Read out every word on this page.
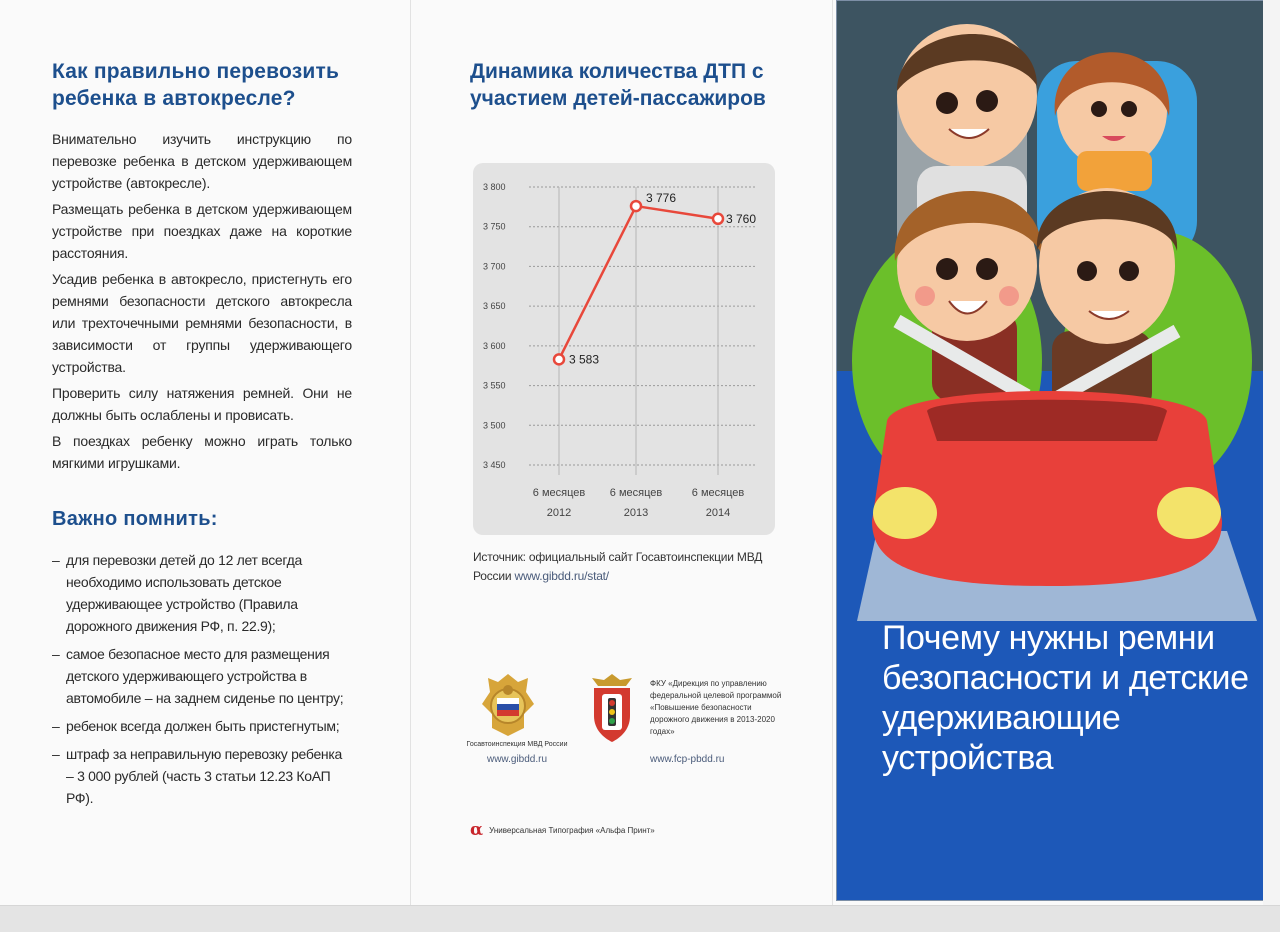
Как правильно перевозить ребенка в автокресле?

Внимательно изучить инструкцию по перевозке ребенка в детском удерживающем устройстве (автокресле).

Размещать ребенка в детском удерживающем устройстве при поездках даже на короткие расстояния.

Усадив ребенка в автокресло, пристегнуть его ремнями безопасности детского автокресла или трехточечными ремнями безопасности, в зависимости от группы удерживающего устройства.

Проверить силу натяжения ремней. Они не должны быть ослаблены и провисать.

В поездках ребенку можно играть только мягкими игрушками.

Важно помнить:
– для перевозки детей до 12 лет всегда необходимо использовать детское удерживающее устройство (Правила дорожного движения РФ, п. 22.9);
– самое безопасное место для размещения детского удерживающего устройства в автомобиле – на заднем сиденье по центру;
– ребенок всегда должен быть пристегнутым;
– штраф за неправильную перевозку ребенка – 3 000 рублей (часть 3 статьи 12.23 КоАП РФ).
Динамика количества ДТП с участием детей-пассажиров
3 800
3 750
3 700
3 650
3 600
3 550
3 500
3 450
6 месяцев
2012
6 месяцев
2013
6 месяцев
2014
3 583
3 776
3 760
Источник: официальный сайт Госавтоинспекции МВД России www.gibdd.ru/stat/
Госавтоинспекция МВД России
www.gibdd.ru
ФКУ «Дирекция по управлению федеральной целевой программой «Повышение безопасности дорожного движения в 2013-2020 годах»
www.fcp-pbdd.ru
α Универсальная Типография «Альфа Принт»
Почему нужны ремни безопасности и детские удерживающие устройства
